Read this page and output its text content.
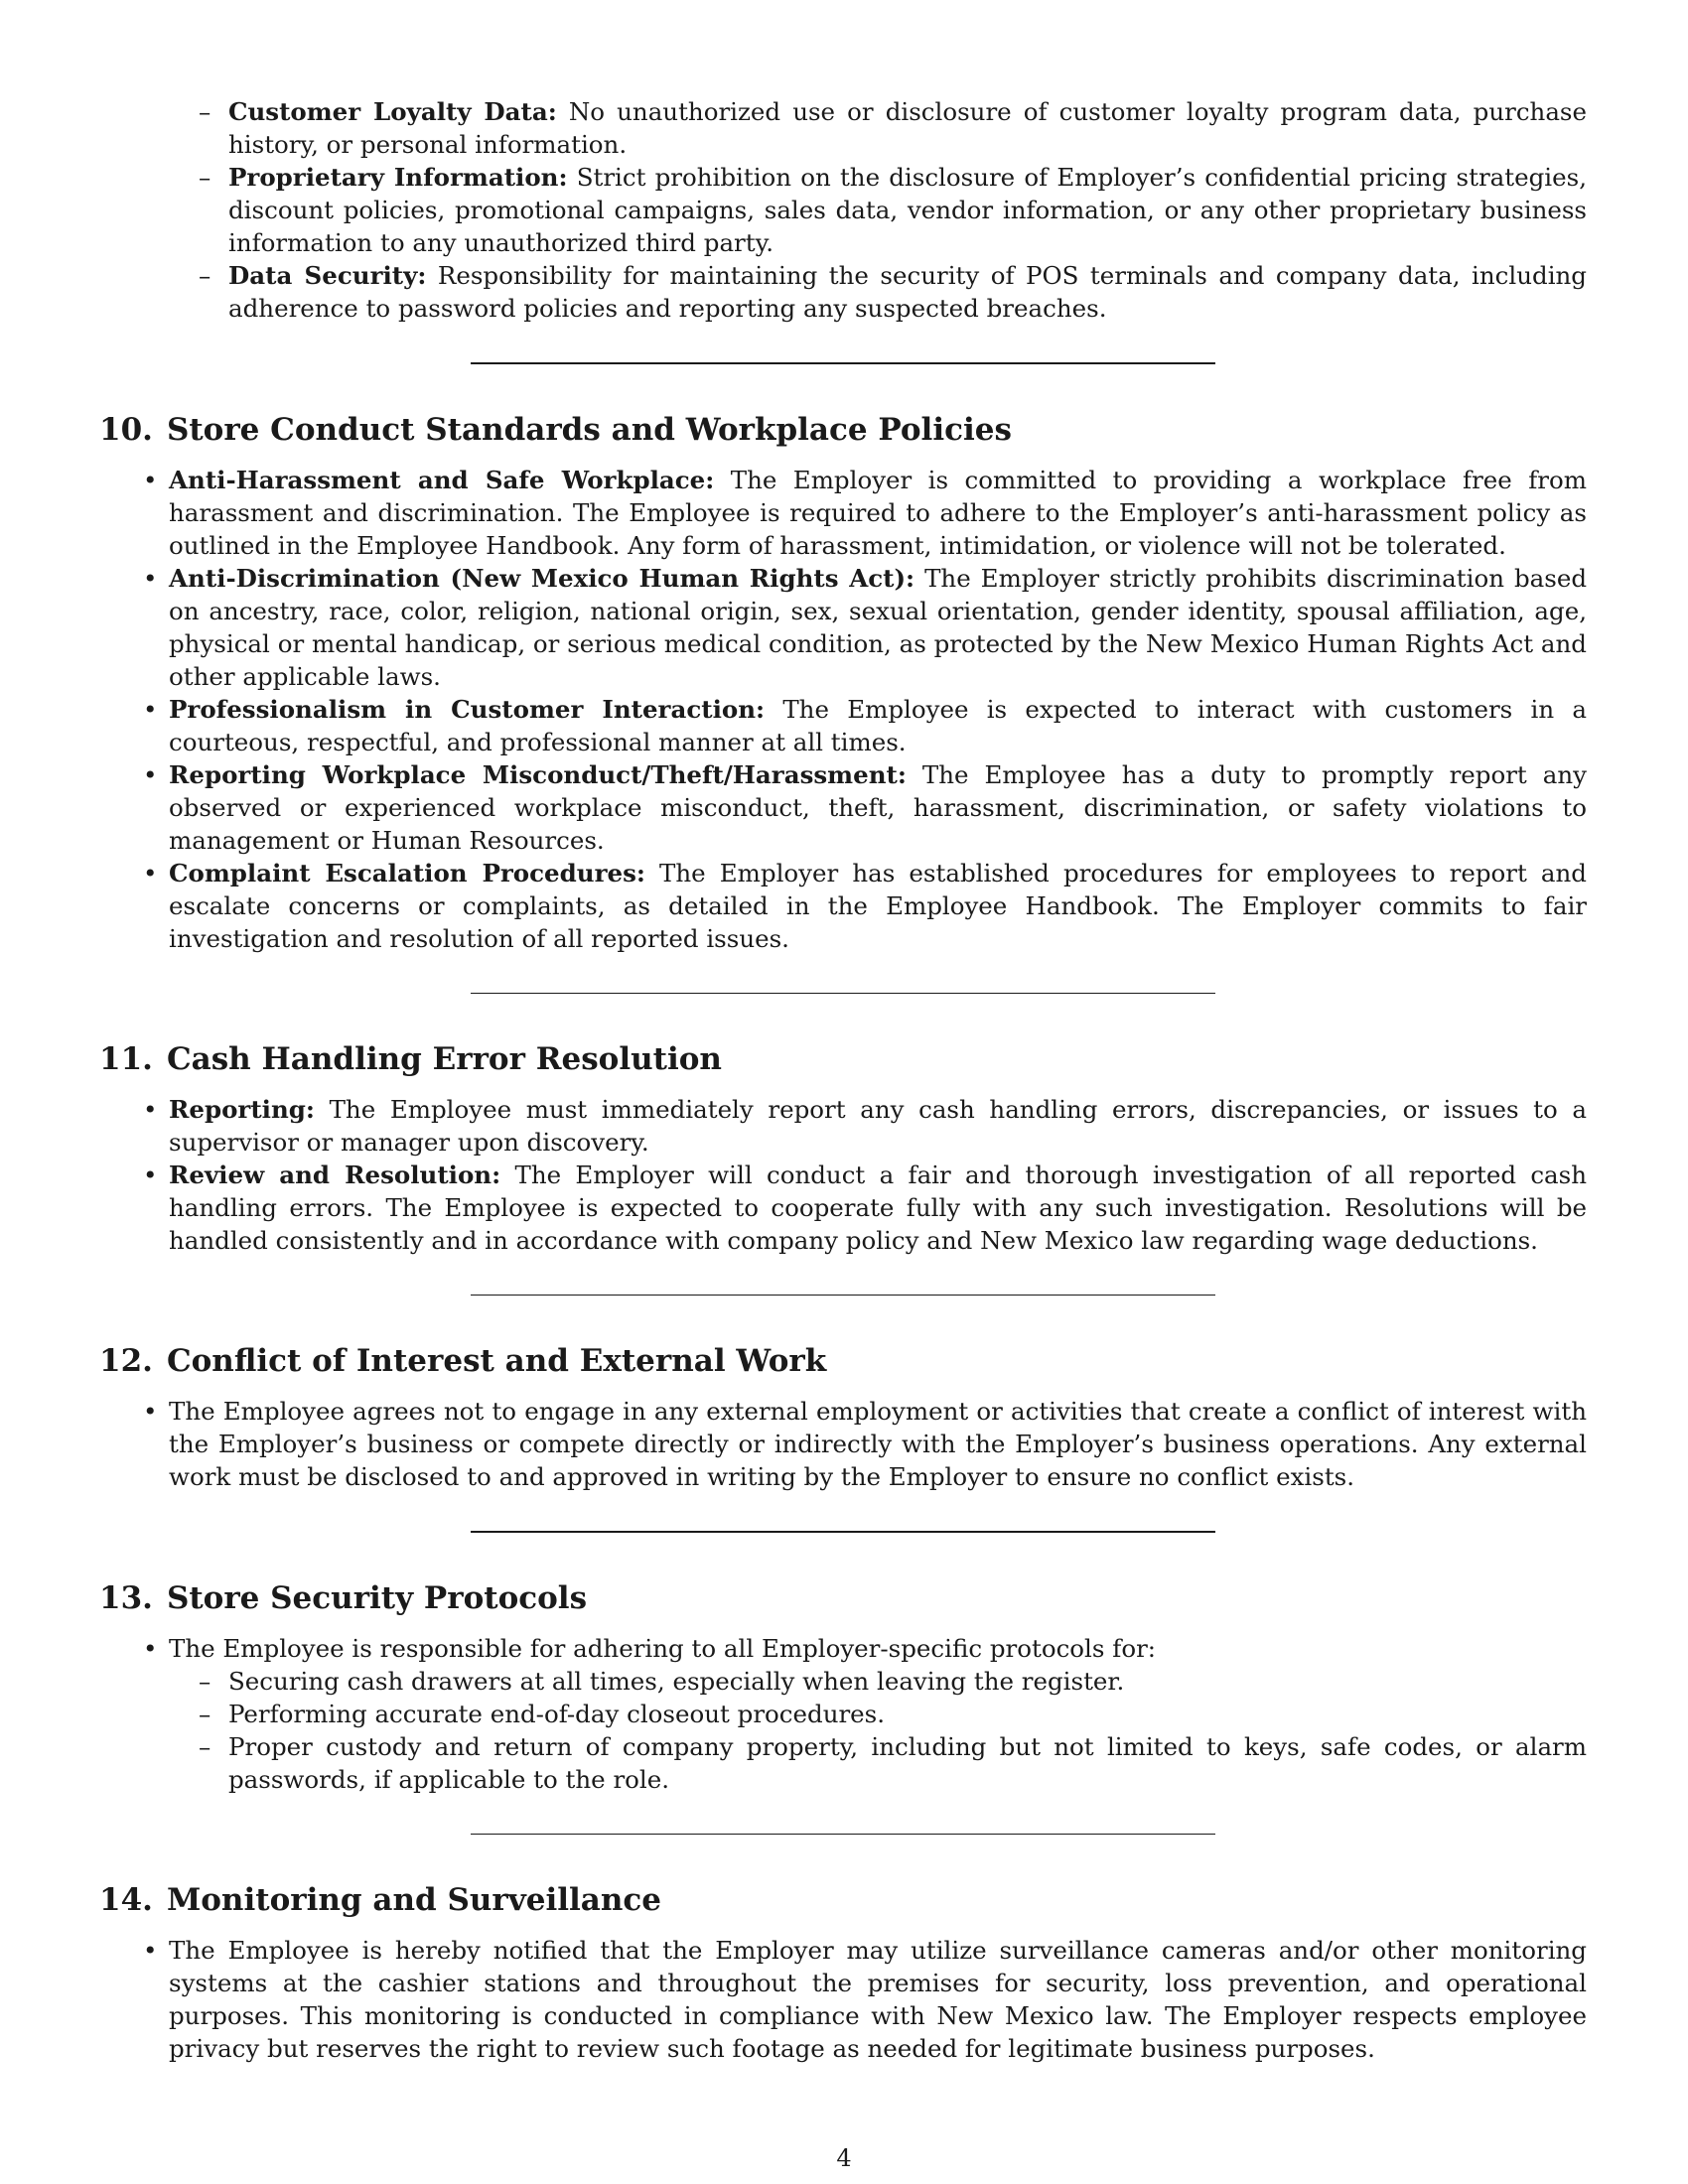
– Customer Loyalty Data: No unauthorized use or disclosure of customer loyalty program data, purchase history, or personal information.
– Proprietary Information: Strict prohibition on the disclosure of Employer’s confidential pricing strategies, discount policies, promotional campaigns, sales data, vendor information, or any other proprietary business information to any unauthorized third party.
– Data Security: Responsibility for maintaining the security of POS terminals and company data, including adherence to password policies and reporting any suspected breaches.
10. Store Conduct Standards and Workplace Policies
• Anti-Harassment and Safe Workplace: The Employer is committed to providing a workplace free from harassment and discrimination. The Employee is required to adhere to the Employer’s anti-harassment policy as outlined in the Employee Handbook. Any form of harassment, intimidation, or violence will not be tolerated.
• Anti-Discrimination (New Mexico Human Rights Act): The Employer strictly prohibits discrimination based on ancestry, race, color, religion, national origin, sex, sexual orientation, gender identity, spousal affiliation, age, physical or mental handicap, or serious medical condition, as protected by the New Mexico Human Rights Act and other applicable laws.
• Professionalism in Customer Interaction: The Employee is expected to interact with customers in a courteous, respectful, and professional manner at all times.
• Reporting Workplace Misconduct/Theft/Harassment: The Employee has a duty to promptly report any observed or experienced workplace misconduct, theft, harassment, discrimination, or safety violations to management or Human Resources.
• Complaint Escalation Procedures: The Employer has established procedures for employees to report and escalate concerns or complaints, as detailed in the Employee Handbook. The Employer commits to fair investigation and resolution of all reported issues.
11. Cash Handling Error Resolution
• Reporting: The Employee must immediately report any cash handling errors, discrepancies, or issues to a supervisor or manager upon discovery.
• Review and Resolution: The Employer will conduct a fair and thorough investigation of all reported cash handling errors. The Employee is expected to cooperate fully with any such investigation. Resolutions will be handled consistently and in accordance with company policy and New Mexico law regarding wage deductions.
12. Conflict of Interest and External Work
• The Employee agrees not to engage in any external employment or activities that create a conflict of interest with the Employer’s business or compete directly or indirectly with the Employer’s business operations. Any external work must be disclosed to and approved in writing by the Employer to ensure no conflict exists.
13. Store Security Protocols
• The Employee is responsible for adhering to all Employer-specific protocols for:
– Securing cash drawers at all times, especially when leaving the register.
– Performing accurate end-of-day closeout procedures.
– Proper custody and return of company property, including but not limited to keys, safe codes, or alarm passwords, if applicable to the role.
14. Monitoring and Surveillance
• The Employee is hereby notified that the Employer may utilize surveillance cameras and/or other monitoring systems at the cashier stations and throughout the premises for security, loss prevention, and operational purposes. This monitoring is conducted in compliance with New Mexico law. The Employer respects employee privacy but reserves the right to review such footage as needed for legitimate business purposes.
4
